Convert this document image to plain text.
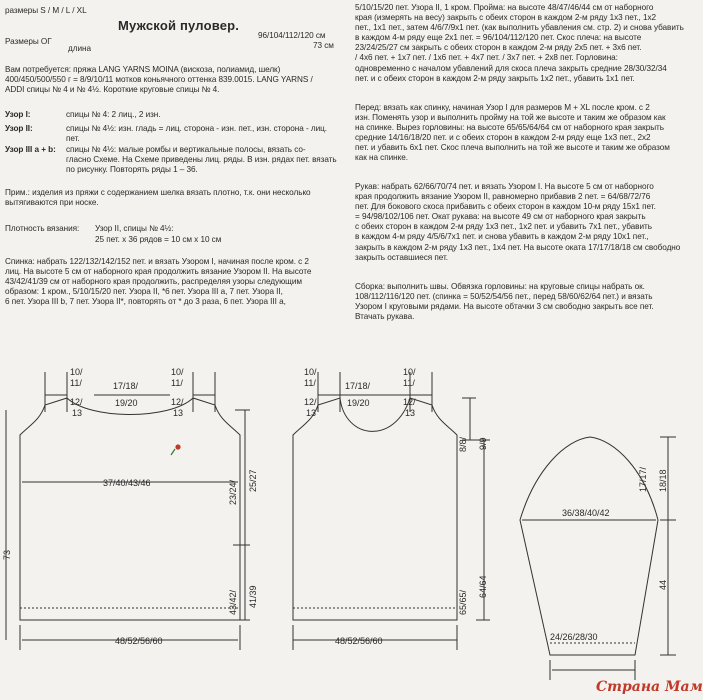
размеры S / M / L / XL
Мужской пуловер.
Размеры ОГ
96/104/112/120 см
длина	73 см
Вам потребуется: пряжа LANG YARNS MOINA (вискоза, полиамид, шелк)
400/450/500/550 г = 8/9/10/11 мотков коньячного оттенка 839.0015. LANG YARNS /
ADDI спицы № 4 и № 4½. Короткие круговые спицы № 4.
Узор I:	спицы № 4: 2 лиц., 2 изн.
Узор II:	спицы № 4½: изн. гладь = лиц. сторона - изн. пет., изн. сторона - лиц.
пет.
Узор III a + b: спицы № 4½: малые ромбы и вертикальные полосы, вязать со-
гласно Схеме. На Схеме приведены лиц. ряды. В изн. рядах пет. вязать
по рисунку. Повторять ряды 1 – 36.
Прим.: изделия из пряжи с содержанием шелка вязать плотно, т.к. они несколько
вытягиваются при носке.
Плотность вязания: Узор II, спицы № 4½:
25 пет. x 36 рядов = 10 см x 10 см
Спинка: набрать 122/132/142/152 пет. и вязать Узором I, начиная после кром. с 2
лиц. На высоте 5 см от наборного края продолжить вязание Узором II. На высоте
43/42/41/39 см от наборного края продолжить, распределяя узоры следующим
образом: 1 кром., 5/10/15/20 пет. Узора II, *6 пет. Узора III a, 7 пет. Узора II,
6 пет. Узора III b, 7 пет. Узора II*, повторять от * до 3 раза, 6 пет. Узора III a,
5/10/15/20 пет. Узора II, 1 кром. Пройма: на высоте 48/47/46/44 см от наборного
края (измерять на весу) закрыть с обеих сторон в каждом 2-м ряду 1x3 пет., 1x2
пет., 1x1 пет., затем 4/6/7/9x1 пет. (как выполнить убавления см. стр. 2) и снова убавить
в каждом 4-м ряду еще 2x1 пет. = 96/104/112/120 пет. Скос плеча: на высоте
23/24/25/27 см закрыть с обеих сторон в каждом 2-м ряду 2x5 пет. + 3x6 пет.
/ 4x6 пет. + 1x7 пет. / 1x6 пет. + 4x7 пет. / 3x7 пет. + 2x8 пет. Горловина:
одновременно с началом убавлений для скоса плеча закрыть средние 28/30/32/34
пет. и с обеих сторон в каждом 2-м ряду закрыть 1x2 пет., убавить 1x1 пет.
Перед: вязать как спинку, начиная Узор I для размеров M + XL после кром. с 2
изн. Поменять узор и выполнить пройму на той же высоте и таким же образом как
на спинке. Вырез горловины: на высоте 65/65/64/64 см от наборного края закрыть
средние 14/16/18/20 пет. и с обеих сторон в каждом 2-м ряду еще 1x3 пет., 2x2
пет. и убавить 6x1 пет. Скос плеча выполнить на той же высоте и таким же образом
как на спинке.
Рукав: набрать 62/66/70/74 пет. и вязать Узором I. На высоте 5 см от наборного
края продолжить вязание Узором II, равномерно прибавив 2 пет. = 64/68/72/76
пет. Для бокового скоса прибавить с обеих сторон в каждом 10-м ряду 15x1 пет.
= 94/98/102/106 пет. Окат рукава: на высоте 49 см от наборного края закрыть
с обеих сторон в каждом 2-м ряду 1x3 пет., 1x2 пет. и убавить 7x1 пет., убавить
в каждом 4-м ряду 4/5/6/7x1 пет. и снова убавить в каждом 2-м ряду 10x1 пет.,
закрыть в каждом 2-м ряду 1x3 пет., 1x4 пет. На высоте оката 17/17/18/18 см свободно
закрыть оставшиеся пет.
Сборка: выполнить швы. Обвязка горловины: на круговые спицы набрать ок.
108/112/116/120 пет. (спинка = 50/52/54/56 пет., перед 58/60/62/64 пет.) и вязать
Узором I круговыми рядами. На высоте обтачки 3 см свободно закрыть все пет.
Втачать рукава.
10/
11/
12/
13
17/18/
19/20
10/
11/
12/
13
37/40/43/46
48/52/56/60
73
23/24/ 25/27
43/42/ 41/39
10/
11/
12/
13
17/18/
19/20
10/
11/
12/
13
48/52/56/60
8/8/ 9/9
65/65/
64/64
36/38/40/42
24/26/28/30
17/17/ 18/18
44
Страна Мам
